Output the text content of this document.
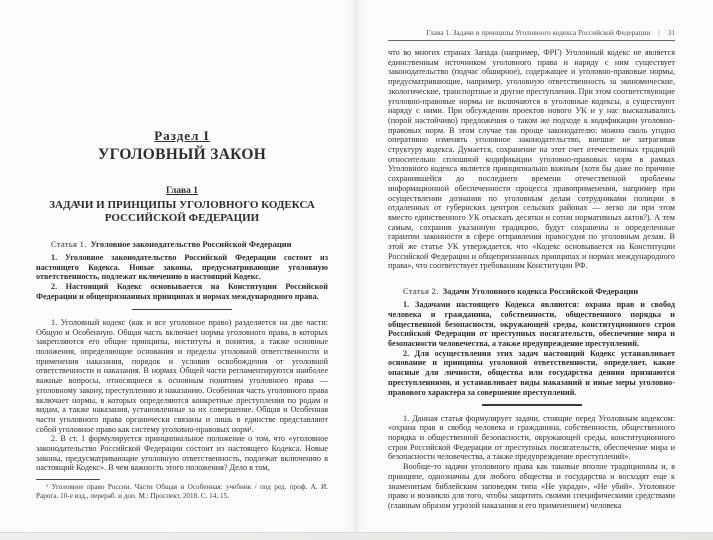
Раздел I
УГОЛОВНЫЙ ЗАКОН
Глава 1
ЗАДАЧИ И ПРИНЦИПЫ УГОЛОВНОГО КОДЕКСА РОССИЙСКОЙ ФЕДЕРАЦИИ

Статья 1. Уголовное законодательство Российской Федерации

1. Уголовное законодательство Российской Федерации состоит из настоящего Кодекса. Новые законы, предусматривающие уголовную ответственность, подлежат включению в настоящий Кодекс.

2. Настоящий Кодекс основывается на Конституции Российской Федерации и общепризнанных принципах и нормах международного права.

1. Уголовный кодекс (как и все уголовное право) разделяется на две части: Общую и Особенную. Общая часть включает нормы уголовного права, в которых закрепляются его общие принципы, институты и понятия, а также основные положения, определяющие основания и пределы уголовной ответственности и применения наказания, порядок и условия освобождения от уголовной ответственности и наказания. В нормах Общей части регламентируются наиболее важные вопросы, относящиеся к основным понятиям уголовного права — уголовному закону, преступлению и наказанию. Особенная часть уголовного права включает нормы, в которых определяются конкретные преступления по родам и видам, а также наказания, установленные за их совершение. Общая и Особенная части уголовного права органически связаны и лишь в единстве представляют собой уголовное право как систему уголовно-правовых норм¹.

2. В ст. 1 формулируется принципиальное положение о том, что «уголовное законодательство Российской Федерации состоит из настоящего Кодекса. Новые законы, предусматривающие уголовную ответственность, подлежат включению в настоящий Кодекс». В чем важность этого положения? Дело в том,

¹ Уголовное право России. Части Общая и Особенная: учебник / под ред. проф. А. И. Рарога. 10-е изд., перераб. и доп. М.: Проспект, 2018. С. 14, 15.

Глава 1. Задачи и принципы Уголовного кодекса Российской Федерации | 31

что во многих странах Запада (например, ФРГ) Уголовный кодекс не является единственным источником уголовного права и наряду с ним существует законодательство (подчас обширное), содержащее и уголовно-правовые нормы, предусматривающие, например, уголовную ответственность за экономические, экологические, транспортные и другие преступления. При этом соответствующие уголовно-правовые нормы не включаются в уголовные кодексы, а существуют наряду с ними. При обсуждении проектов нового УК и у нас высказывались (порой настойчиво) предложения о таком же подходе к кодификации уголовно-правовых норм. В этом случае так проще законодателю: можно сколь угодно оперативно изменять уголовное законодательство, внешне не затрагивая структуру кодекса. Думается, сохранение на этот счет отечественных традиций относительно сплошной кодификации уголовно-правовых норм в рамках Уголовного кодекса является принципиально важным (хотя бы даже по причине сохранившейся до последнего времени отечественной проблемы информационной обеспеченности процесса правоприменения, например при осуществлении дознания по уголовным делам сотрудниками полиции в отдаленных от губернских центров сельских районах — легко ли при этом вместо единственного УК отыскать десятки и сотни нормативных актов?). А тем самым, сохранив указанную традицию, будут сохранены и определенные гарантии законности в сфере отправления правосудия по уголовным делам. В этой же статье УК утверждается, что «Кодекс основывается на Конституции Российской Федерации и общепризнанных принципах и нормах международного права», что соответствует требованиям Конституции РФ.

Статья 2. Задачи Уголовного кодекса Российской Федерации

1. Задачами настоящего Кодекса являются: охрана прав и свобод человека и гражданина, собственности, общественного порядка и общественной безопасности, окружающей среды, конституционного строя Российской Федерации от преступных посягательств, обеспечение мира и безопасности человечества, а также предупреждение преступлений.

2. Для осуществления этих задач настоящий Кодекс устанавливает основание и принципы уголовной ответственности, определяет, какие опасные для личности, общества или государства деяния признаются преступлениями, и устанавливает виды наказаний и иные меры уголовно-правового характера за совершение преступлений.

1. Данная статья формулирует задачи, стоящие перед Уголовным кодексом: «охрана прав и свобод человека и гражданина, собственности, общественного порядка и общественной безопасности, окружающей среды, конституционного строя Российской Федерации от преступных посягательств, обеспечение мира и безопасности человечества, а также предупреждение преступлений».

Вообще-то задачи уголовного права как таковые вполне традиционны и, в принципе, однозначны для любого общества и государства и восходят еще к знаменитым библейским заповедям типа «Не укради», «Не убий». Уголовное право и возникло для того, чтобы защитить своими специфическими средствами (главным образом угрозой наказания и его применением) человека
